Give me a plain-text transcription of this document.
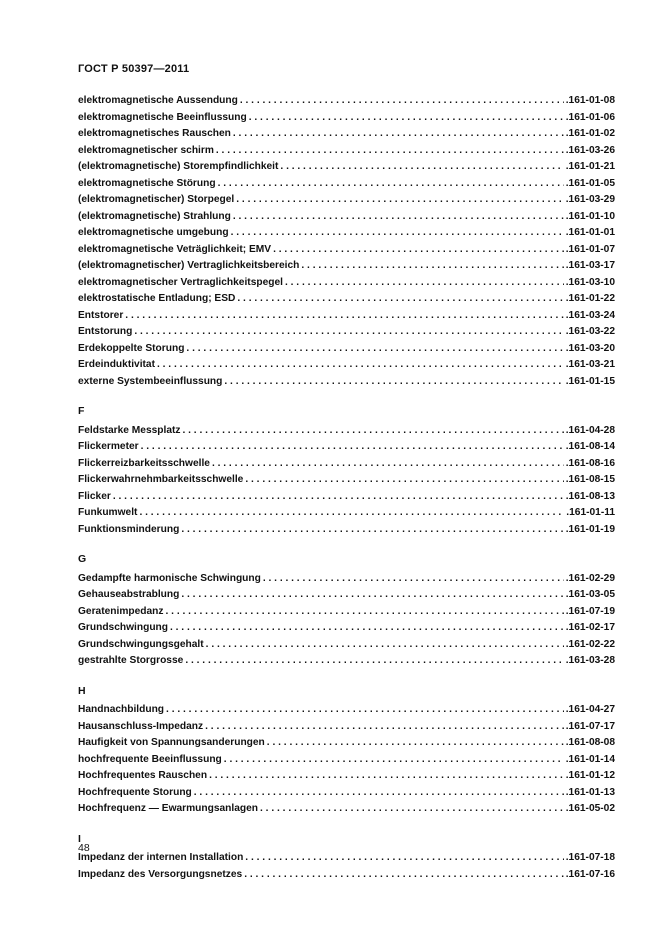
ГОСТ Р 50397—2011
elektromagnetische Aussendung . . .	.161-01-08
elektromagnetische Beeinflussung . . .	.161-01-06
elektromagnetisches Rauschen . . .	.161-01-02
elektromagnetischer schirm . . .	.161-03-26
(elektromagnetische) Storempfindlichkeit . . .	.161-01-21
elektromagnetische Störung . . .	.161-01-05
(elektromagnetischer) Storpegel . . .	.161-03-29
(elektromagnetische) Strahlung . . .	.161-01-10
elektromagnetische umgebung . . .	.161-01-01
elektromagnetische Veträglichkeit; EMV . . .	.161-01-07
(elektromagnetischer) Vertraglichkeitsbereich . . .	.161-03-17
elektromagnetischer Vertraglichkeitspegel . . .	.161-03-10
elektrostatische Entladung; ESD . . .	.161-01-22
Entstorer . . .	.161-03-24
Entstorung . . .	.161-03-22
Erdekoppelte Storung . . .	.161-03-20
Erdeinduktivitat . . .	.161-03-21
externe Systembeeinflussung . . .	.161-01-15
F
Feldstarke Messplatz . . .	.161-04-28
Flickermeter . . .	.161-08-14
Flickerreizbarkeitsschwelle . . .	.161-08-16
Flickerwahrnehmbarkeitsschwelle . . .	.161-08-15
Flicker . . .	.161-08-13
Funkumwelt . . .	.161-01-11
Funktionsminderung . . .	.161-01-19
G
Gedampfte harmonische Schwingung . . .	.161-02-29
Gehauseabstrablung . . .	.161-03-05
Geratenimpedanz . . .	.161-07-19
Grundschwingung . . .	.161-02-17
Grundschwingungsgehalt . . .	.161-02-22
gestrahlte Storgrosse . . .	.161-03-28
H
Handnachbildung . . .	.161-04-27
Hausanschluss-Impedanz . . .	.161-07-17
Haufigkeit von Spannungsanderungen . . .	.161-08-08
hochfrequente Beeinflussung . . .	.161-01-14
Hochfrequentes Rauschen . . .	.161-01-12
Hochfrequente Storung . . .	.161-01-13
Hochfrequenz — Ewarmungsanlagen . . .	.161-05-02
I
Impedanz der internen Installation . . .	.161-07-18
Impedanz des Versorgungsnetzes . . .	.161-07-16
48
